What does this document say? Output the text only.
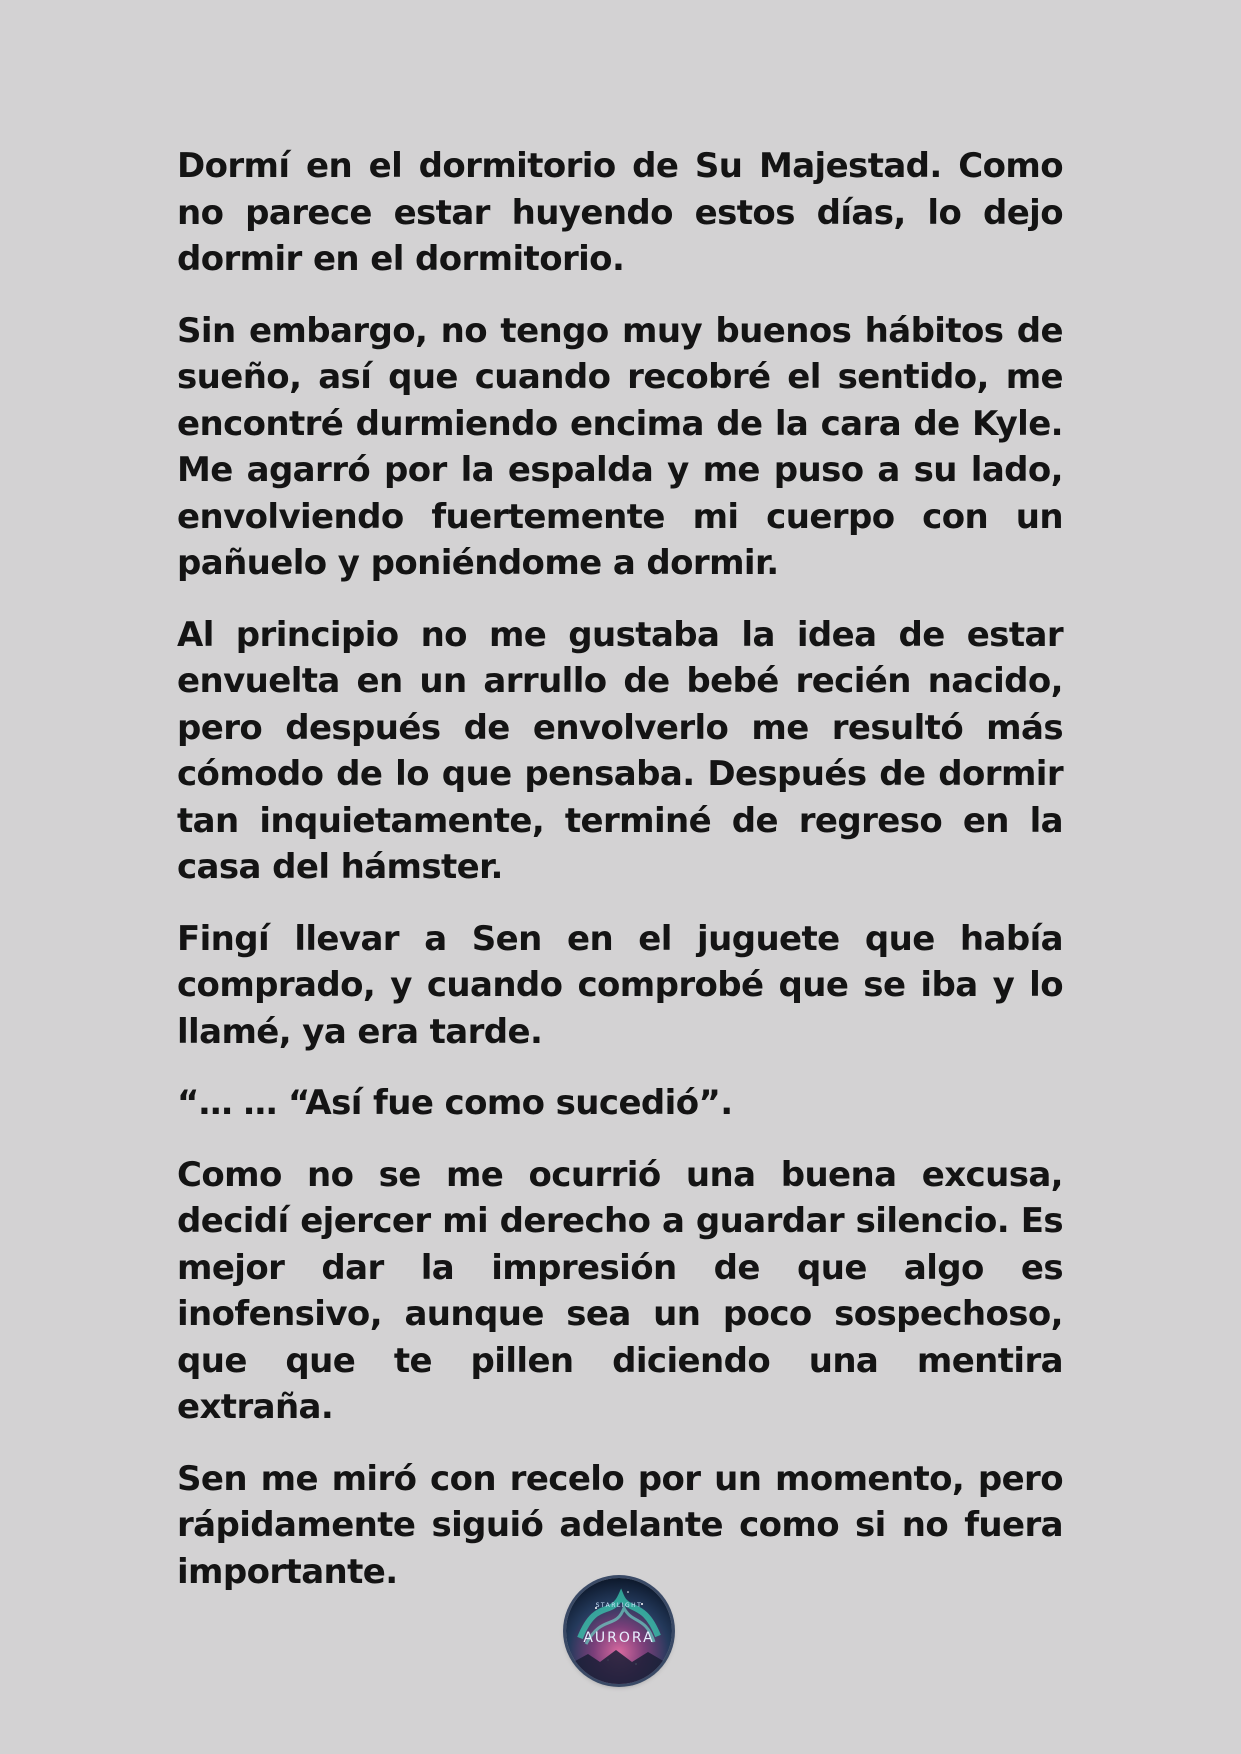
Dormí en el dormitorio de Su Majestad. Como no parece estar huyendo estos días, lo dejo dormir en el dormitorio.

Sin embargo, no tengo muy buenos hábitos de sueño, así que cuando recobré el sentido, me encontré durmiendo encima de la cara de Kyle. Me agarró por la espalda y me puso a su lado, envolviendo fuertemente mi cuerpo con un pañuelo y poniéndome a dormir.

Al principio no me gustaba la idea de estar envuelta en un arrullo de bebé recién nacido, pero después de envolverlo me resultó más cómodo de lo que pensaba. Después de dormir tan inquietamente, terminé de regreso en la casa del hámster.

Fingí llevar a Sen en el juguete que había comprado, y cuando comprobé que se iba y lo llamé, ya era tarde.

“… … “Así fue como sucedió”.

Como no se me ocurrió una buena excusa, decidí ejercer mi derecho a guardar silencio. Es mejor dar la impresión de que algo es inofensivo, aunque sea un poco sospechoso, que que te pillen diciendo una mentira extraña.

Sen me miró con recelo por un momento, pero rápidamente siguió adelante como si no fuera importante.

STARLIGHT
AURORA
